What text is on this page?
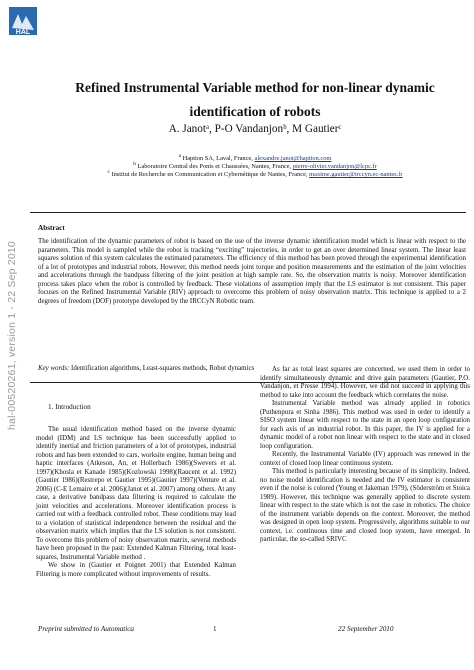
HAL
hal-00520261, version 1 - 22 Sep 2010
Refined Instrumental Variable method for non-linear dynamic
identification of robots
A. Janotᵃ, P-O Vandanjonᵇ, M Gautierᶜ
$^a$ Haption SA, Laval, France, alexandre.janot@haption.com
$^b$ Laboratoire Central des Ponts et Chaussées, Nantes, France, pierre-olivier.vandanjon@lcpc.fr
$^c$ Institut de Recherche en Communication et Cybernétique de Nantes, France, maxime.gautier@irccyn.ec-nantes.fr
Abstract
The identification of the dynamic parameters of robot is based on the use of the inverse dynamic identification model which is linear with respect to the parameters. This model is sampled while the robot is tracking “exciting” trajectories, in order to get an over determined linear system. The linear least squares solution of this system calculates the estimated parameters. The efficiency of this method has been proved through the experimental identification of a lot of prototypes and industrial robots. However, this method needs joint torque and position measurements and the estimation of the joint velocities and accelerations through the bandpass filtering of the joint position at high sample rate. So, the observation matrix is noisy. Moreover identification process takes place when the robot is controlled by feedback. These violations of assumption imply that the LS estimator is not consistent. This paper focuses on the Refined Instrumental Variable (RIV) approach to overcome this problem of noisy observation matrix. This technique is applied to a 2 degrees of freedom (DOF) prototype developed by the IRCCyN Robotic team.
Key words: Identification algorithms, Least-squares methods, Robot dynamics
1. Introduction

The usual identification method based on the inverse dynamic model (IDM) and LS technique has been successfully applied to identify inertial and friction parameters of a lot of prototypes, industrial robots and has been extended to cars, worksite engine, human being and haptic interfaces (Atkeson, An, et Hollerbach 1986)(Swevers et al. 1997)(Khosla et Kanade 1985)(Kozlowski 1998)(Raucent et al. 1992)(Gautier 1986)(Restrepo et Gautier 1995)(Gautier 1997)(Venture et al. 2006) (C-E Lemaire et al. 2006)(Janot et al. 2007) among others. At any case, a derivative bandpass data filtering is required to calculate the joint velocities and accelerations. Moreover identification process is carried out with a feedback controlled robot. These conditions may lead to a violation of statistical independence between the residual and the observation matrix which implies that the LS solution is not consistent. To overcome this problem of noisy observation matrix, several methods have been proposed in the past: Extended Kalman Filtering, total least-squares, Instrumental Variable method .

We show in (Gautier et Poignet 2001) that Extended Kalman Filtering is more complicated without improvements of results.

As far as total least squares are concerned, we used them in order to identify simultaneously dynamic and drive gain parameters (Gautier, P.O. Vandanjon, et Presse 1994). However, we did not succeed in applying this method to take into account the feedback which correlates the noise.

Instrumental Variable method was already applied in robotics (Puthenpura et Sinha 1986). This method was used in order to identify a SISO system linear with respect to the state in an open loop configuration for each axis of an industrial robot. In this paper, the IV is applied for a dynamic model of a robot non linear with respect to the state and in closed loop configuration.

Recently, the Instrumental Variable (IV) approach was renewed in the context of closed loop linear continuous system.

This method is particularly interesting because of its simplicity. Indeed, no noise model identification is needed and the IV estimator is consistent even if the noise is colored (Young et Jakeman 1979), (Söderström et Stoica 1989). However, this technique was generally applied to discrete system linear with respect to the state which is not the case in robotics. The choice of the instrument variable depends on the context. Moreover, the method was designed in open loop system. Progressively, algorithms suitable to our context, i.e. continuous time and closed loop system, have emerged. In particular, the so-called SRIVC

Preprint submitted to Automatica	1	22 September 2010
